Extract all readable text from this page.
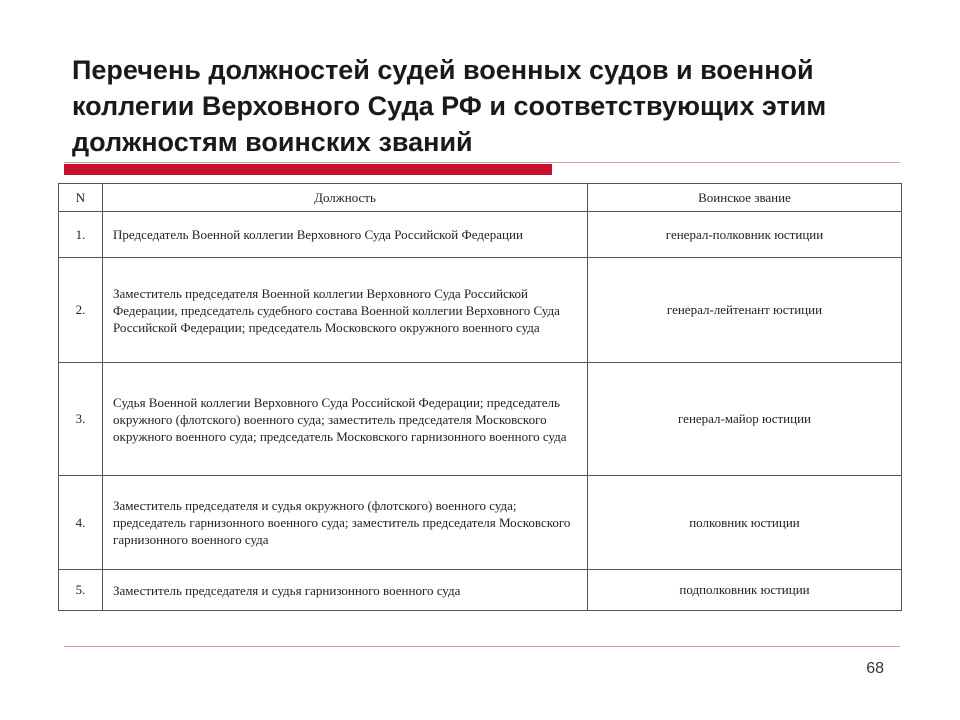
Перечень должностей судей военных судов и военной коллегии Верховного Суда РФ и соответствующих этим должностям воинских званий
N	Должность	Воинское звание
1.	Председатель Военной коллегии Верховного Суда Российской Федерации	генерал-полковник юстиции
2.	Заместитель председателя Военной коллегии Верховного Суда Российской Федерации, председатель судебного состава Военной коллегии Верховного Суда Российской Федерации; председатель Московского окружного военного суда	генерал-лейтенант юстиции
3.	Судья Военной коллегии Верховного Суда Российской Федерации; председатель окружного (флотского) военного суда; заместитель председателя Московского окружного военного суда; председатель Московского гарнизонного военного суда	генерал-майор юстиции
4.	Заместитель председателя и судья окружного (флотского) военного суда; председатель гарнизонного военного суда; заместитель председателя Московского гарнизонного военного суда	полковник юстиции
5.	Заместитель председателя и судья гарнизонного военного суда	подполковник юстиции
68
